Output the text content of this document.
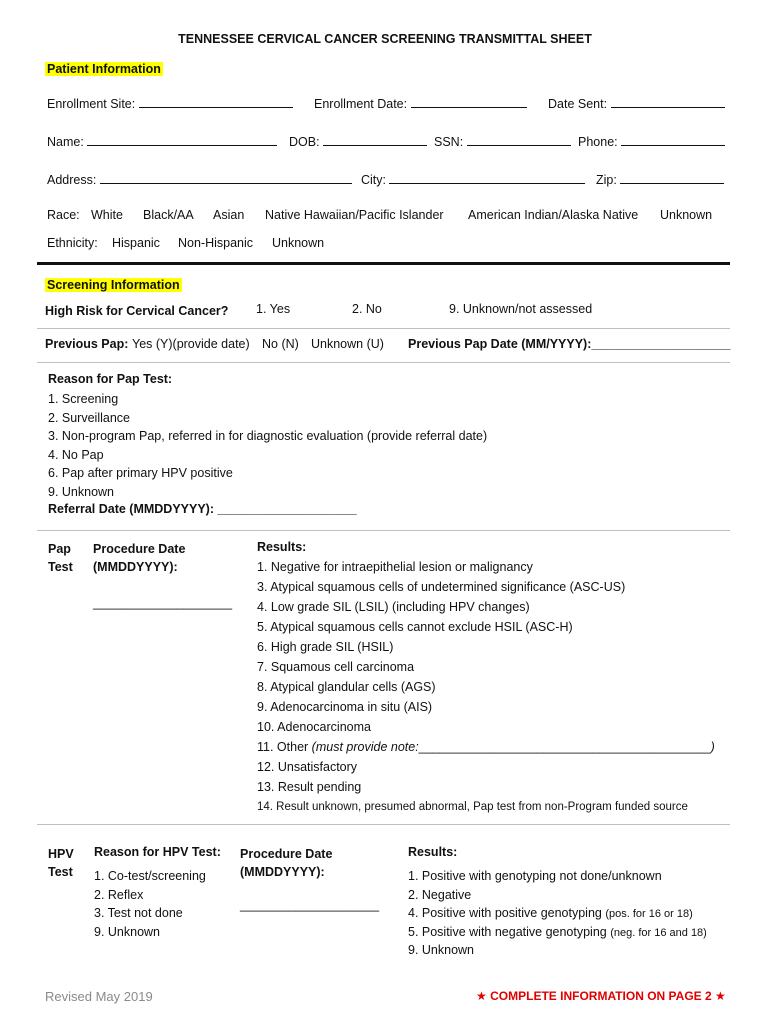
TENNESSEE CERVICAL CANCER SCREENING TRANSMITTAL SHEET
Patient Information
Enrollment Site:	Enrollment Date:	Date Sent:
Name:	DOB:	SSN:	Phone:
Address:	City:	Zip:
Race: White Black/AA Asian Native Hawaiian/Pacific Islander American Indian/Alaska Native Unknown
Ethnicity: Hispanic Non-Hispanic Unknown
Screening Information
High Risk for Cervical Cancer? 1. Yes	2. No	9. Unknown/not assessed
Previous Pap: Yes (Y)(provide date) No (N) Unknown (U) Previous Pap Date (MM/YYYY):____________________
Reason for Pap Test:
1. Screening
2. Surveillance
3. Non-program Pap, referred in for diagnostic evaluation (provide referral date)
4. No Pap
6. Pap after primary HPV positive
9. Unknown
Referral Date (MMDDYYYY): ____________________
Pap
Test
Procedure Date
(MMDDYYYY):
____________________
Results:
1. Negative for intraepithelial lesion or malignancy
3. Atypical squamous cells of undetermined significance (ASC-US)
4. Low grade SIL (LSIL) (including HPV changes)
5. Atypical squamous cells cannot exclude HSIL (ASC-H)
6. High grade SIL (HSIL)
7. Squamous cell carcinoma
8. Atypical glandular cells (AGS)
9. Adenocarcinoma in situ (AIS)
10. Adenocarcinoma
11. Other (must provide note:__________________________________________)
12. Unsatisfactory
13. Result pending
14. Result unknown, presumed abnormal, Pap test from non-Program funded source
HPV
Test
Reason for HPV Test:
1. Co-test/screening
2. Reflex
3. Test not done
9. Unknown
Procedure Date
(MMDDYYYY):
____________________
Results:
1. Positive with genotyping not done/unknown
2. Negative
4. Positive with positive genotyping (pos. for 16 or 18)
5. Positive with negative genotyping (neg. for 16 and 18)
9. Unknown
Revised May 2019	★ COMPLETE INFORMATION ON PAGE 2 ★
